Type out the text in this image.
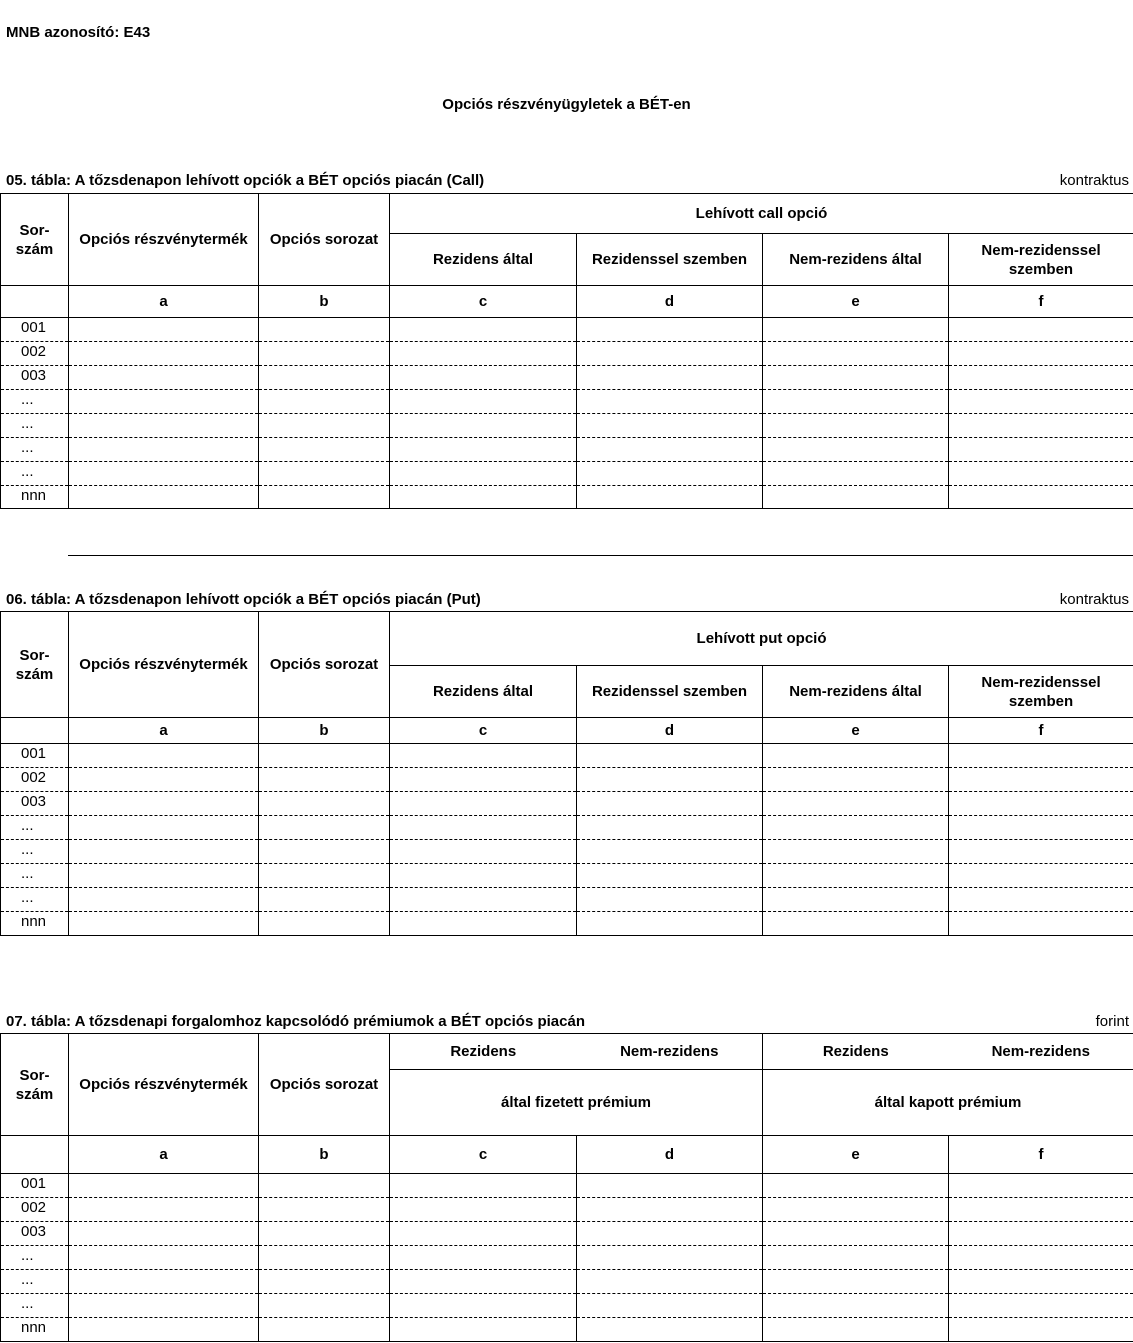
MNB azonosító: E43
Opciós részvényügyletek a BÉT-en
05. tábla: A tőzsdenapon lehívott opciók a BÉT opciós piacán (Call)	kontraktus
Sor-szám	Opciós részvénytermék	Opciós sorozat	Lehívott call opció			
			Rezidens által	Rezidenssel szemben	Nem-rezidens által	Nem-rezidenssel szemben
	a	b	c	d	e	f
001						
002						
003						
...						
...						
...						
...						
nnn						
06. tábla: A tőzsdenapon lehívott opciók a BÉT opciós piacán (Put)	kontraktus
Sor-szám	Opciós részvénytermék	Opciós sorozat	Lehívott put opció			
			Rezidens által	Rezidenssel szemben	Nem-rezidens által	Nem-rezidenssel szemben
	a	b	c	d	e	f
001						
002						
003						
...						
...						
...						
...						
nnn						
07. tábla: A tőzsdenapi forgalomhoz kapcsolódó prémiumok a BÉT opciós piacán	forint
Sor-szám	Opciós részvénytermék	Opciós sorozat	Rezidens	Nem-rezidens	Rezidens	Nem-rezidens
			által fizetett prémium		által kapott prémium	
	a	b	c	d	e	f
001						
002						
003						
...						
...						
...						
nnn						
